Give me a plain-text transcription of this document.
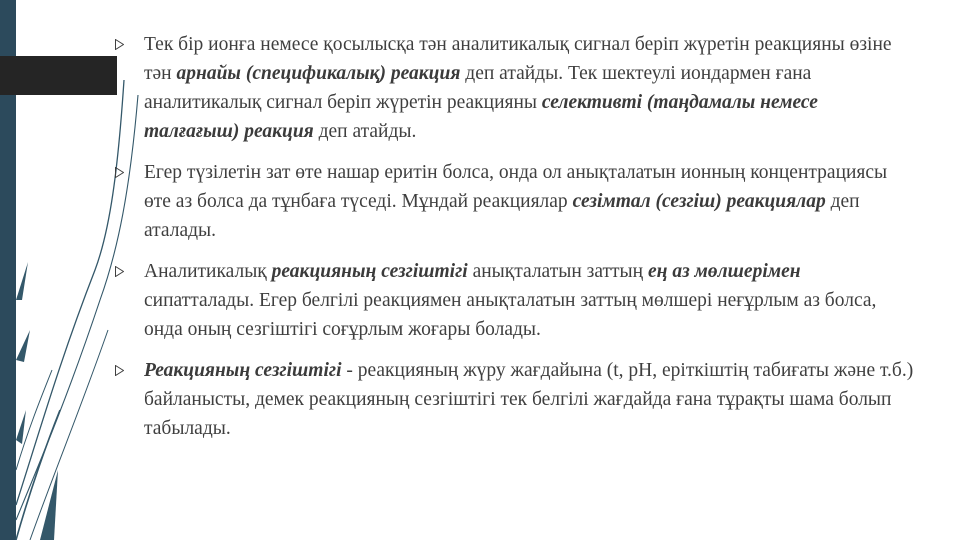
Тек бір ионға немесе қосылысқа тән аналитикалық сигнал беріп жүретін реакцияны өзіне тән арнайы (спецификалық) реакция деп атайды. Тек шектеулі иондармен ғана аналитикалық сигнал беріп жүретін реакцияны селективті (таңдамалы немесе талғағыш) реакция деп атайды.
Егер түзілетін зат өте нашар еритін болса, онда ол анықталатын ионның концентрациясы өте аз болса да тұнбаға түседі. Мұндай реакциялар сезімтал (сезгіш) реакциялар деп аталады.
Аналитикалық реакцияның сезгіштігі анықталатын заттың ең аз мөлшерімен сипатталады. Егер белгілі реакциямен анықталатын заттың мөлшері неғұрлым аз болса, онда оның сезгіштігі соғұрлым жоғары болады.
Реакцияның сезгіштігі - реакцияның жүру жағдайына (t, pH, еріткіштің табиғаты және т.б.) байланысты, демек реакцияның сезгіштігі тек белгілі жағдайда ғана тұрақты шама болып табылады.
